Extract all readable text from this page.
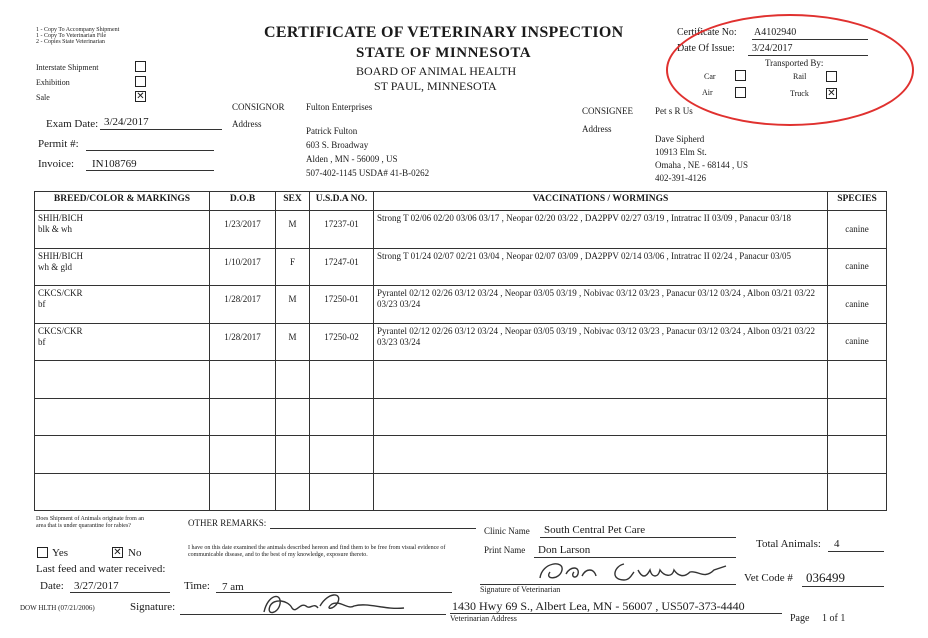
1 - Copy To Accompany Shipment
1 - Copy To Veterinarian File
2 - Copies State Veterinarian
Interstate Shipment
Exhibition
Sale	✕
CERTIFICATE OF VETERINARY INSPECTION
STATE OF MINNESOTA
BOARD OF ANIMAL HEALTH
ST PAUL, MINNESOTA
Certificate No: A4102940
Date Of Issue: 3/24/2017
Transported By:
Car	Rail
Air	Truck ✕
Exam Date: 3/24/2017
Permit #:
Invoice: IN108769
CONSIGNOR Fulton Enterprises
Address
Patrick Fulton
603 S. Broadway
Alden , MN - 56009 , US
507-402-1145 USDA# 41-B-0262
CONSIGNEE Pet s R Us
Address
Dave Sipherd
10913 Elm St.
Omaha , NE - 68144 , US
402-391-4126
BREED/COLOR & MARKINGS	D.O.B	SEX	U.S.D.A NO.	VACCINATIONS / WORMINGS	SPECIES

SHIH/BICH
blk & wh	1/23/2017	M	17237-01	Strong T 02/06 02/20 03/06 03/17 , Neopar 02/20 03/22 , DA2PPV 02/27 03/19 , Intratrac II 03/09 , Panacur 03/18	canine

SHIH/BICH
wh & gld	1/10/2017	F	17247-01	Strong T 01/24 02/07 02/21 03/04 , Neopar 02/07 03/09 , DA2PPV 02/14 03/06 , Intratrac II 02/24 , Panacur 03/05	canine

CKCS/CKR
bf	1/28/2017	M	17250-01	Pyrantel 02/12 02/26 03/12 03/24 , Neopar 03/05 03/19 , Nobivac 03/12 03/23 , Panacur 03/12 03/24 , Albon 03/21 03/22 03/23 03/24	canine

CKCS/CKR
bf	1/28/2017	M	17250-02	Pyrantel 02/12 02/26 03/12 03/24 , Neopar 03/05 03/19 , Nobivac 03/12 03/23 , Panacur 03/12 03/24 , Albon 03/21 03/22 03/23 03/24	canine

Does Shipment of Animals originate from an area that is under quarantine for rabies?
Yes	✕ No
Last feed and water received:
Date: 3/27/2017	Time: 7 am
OTHER REMARKS:
I have on this date examined the animals described hereon and find them to be free from visual evidence of communicable disease, and to the best of my knowledge, exposure thereto.
DOW HLTH (07/21/2006)	Signature:
Clinic Name South Central Pet Care
Total Animals: 4
Print Name Don Larson
Signature of Veterinarian
Vet Code # 036499
1430 Hwy 69 S., Albert Lea, MN - 56007 , US507-373-4440
Veterinarian Address	Page 1 of 1
